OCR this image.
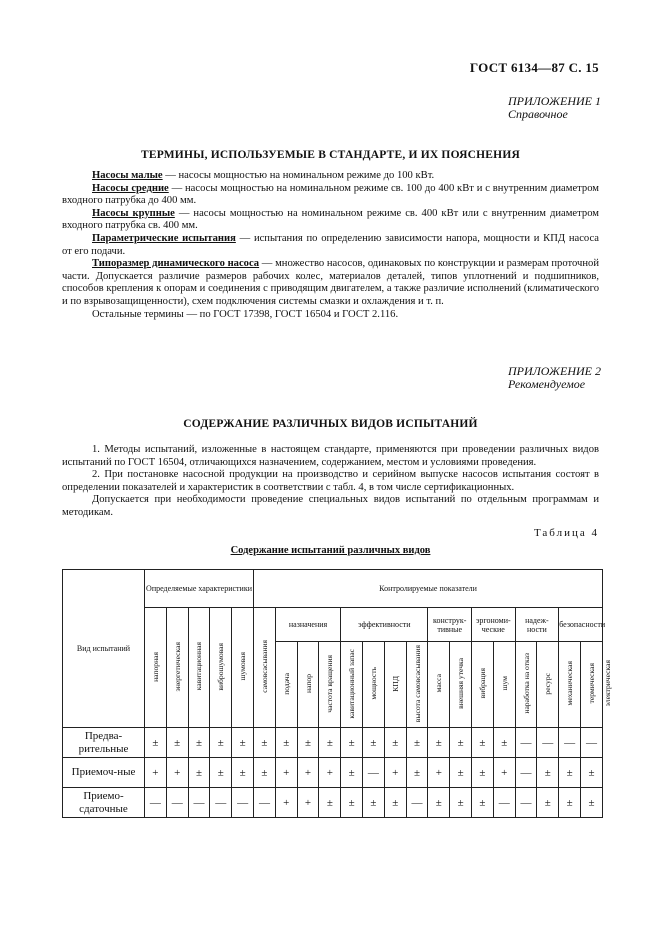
ГОСТ 6134—87 С. 15
ПРИЛОЖЕНИЕ 1
Справочное
ТЕРМИНЫ, ИСПОЛЬЗУЕМЫЕ В СТАНДАРТЕ, И ИХ ПОЯСНЕНИЯ

Насосы малые — насосы мощностью на номинальном режиме до 100 кВт.

Насосы средние — насосы мощностью на номинальном режиме св. 100 до 400 кВт и с внутренним диаметром входного патрубка до 400 мм.

Насосы крупные — насосы мощностью на номинальном режиме св. 400 кВт или с внутренним диаметром входного патрубка св. 400 мм.

Параметрические испытания — испытания по определению зависимости напора, мощности и КПД насоса от его подачи.

Типоразмер динамического насоса — множество насосов, одинаковых по конструкции и размерам проточной части. Допускается различие размеров рабочих колес, материалов деталей, типов уплотнений и подшипников, способов крепления к опорам и соединения с приводящим двигателем, а также различие исполнений (климатического и по взрывозащищенности), схем подключения системы смазки и охлаждения и т. п.

Остальные термины — по ГОСТ 17398, ГОСТ 16504 и ГОСТ 2.116.

ПРИЛОЖЕНИЕ 2
Рекомендуемое
СОДЕРЖАНИЕ РАЗЛИЧНЫХ ВИДОВ ИСПЫТАНИЙ

1. Методы испытаний, изложенные в настоящем стандарте, применяются при проведении различных видов испытаний по ГОСТ 16504, отличающихся назначением, содержанием, местом и условиями проведения.

2. При постановке насосной продукции на производство и серийном выпуске насосов испытания состоят в определении показателей и характеристик в соответствии с табл. 4, в том числе сертификационных.

Допускается при необходимости проведение специальных видов испытаний по отдельным программам и методикам.

Таблица 4
Содержание испытаний различных видов
Вид испытаний	Определяемые характеристики					Контролируемые показатели																
	напорная	энергетическая	кавитационная	виброшумовая	шумовая	самовсасывания	назначения			эффективности				конструк-тивные		эргономи-ческие		надеж-ности		безопасности		
							подача	напор	частота вращения	кавитационный запас	мощность	КПД	высота самовсасывания	масса	внешняя утечка	вибрация	шум	наработка на отказ	ресурс	механическая	термическая	электрическая
Предва-рительные	±	±	±	±	±	±	±	±	±	±	±	±	±	±	±	±	±	—	—	—	—	
Приемоч-ные	+	+	±	±	±	±	+	+	+	±	—	+	±	+	±	±	+	—	±	±	±	
Приемо-сдаточные	—	—	—	—	—	—	+	+	±	±	±	±	—	±	±	±	—	—	±	±	±	
